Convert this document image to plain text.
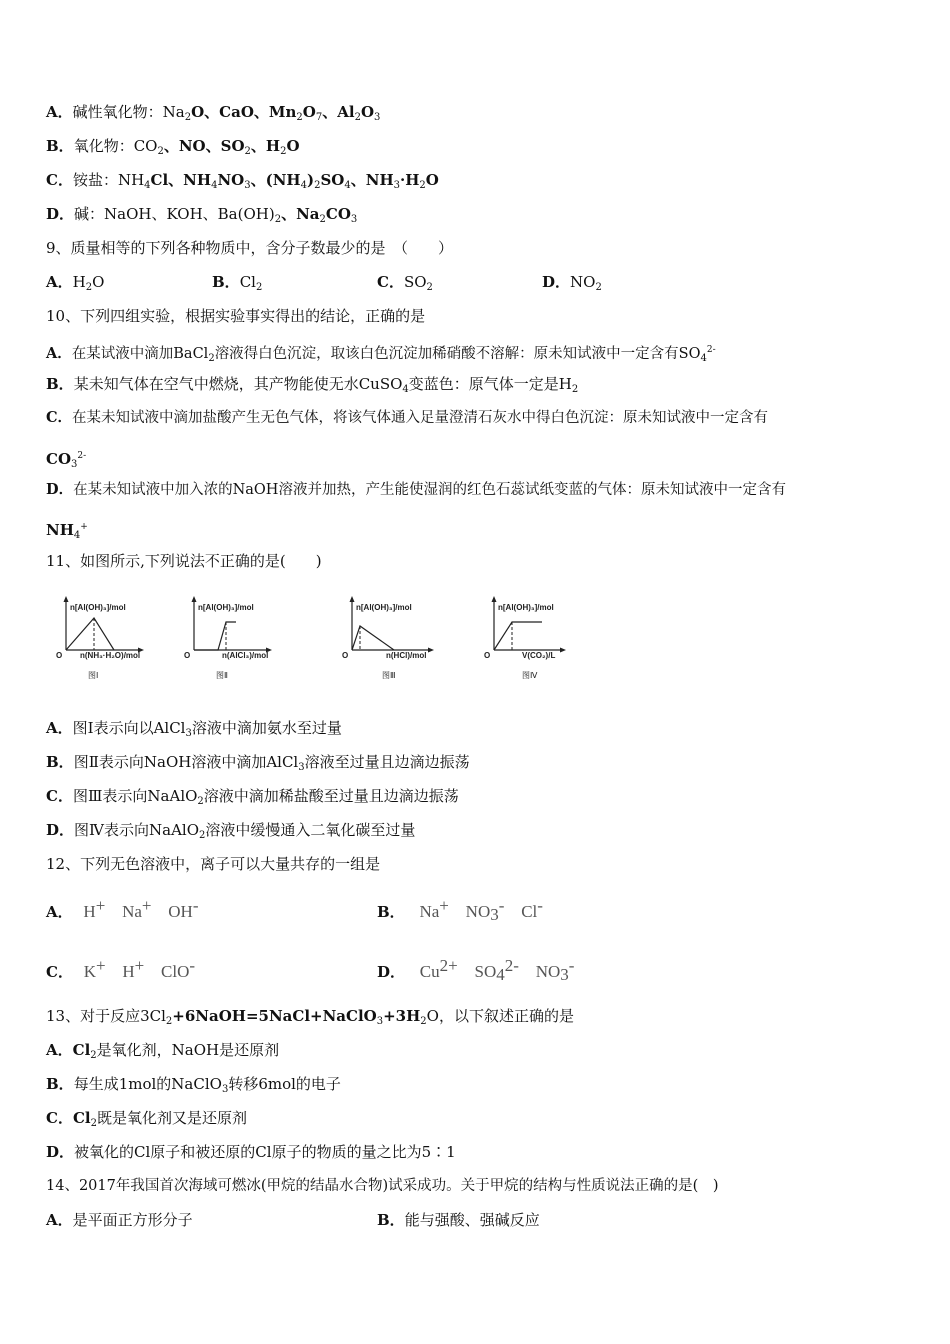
A．碱性氧化物：$Na_2O$、CaO、$Mn_2O_7$、$Al_2O_3$
B．氧化物：$CO_2$、NO、$SO_2$、$H_2O$
C．铵盐：$NH_4Cl$、$NH_4NO_3$、$(NH_4)_2SO_4$、$NH_3\cdot H_2O$
D．碱：NaOH、KOH、$Ba(OH)_2$、$Na_2CO_3$
9、质量相等的下列各种物质中，含分子数最少的是　（　　）
A．$H_2O$	B．$Cl_2$	C．$SO_2$	D．$NO_2$
10、下列四组实验，根据实验事实得出的结论，正确的是
A．在某试液中滴加BaCl$_2$溶液得白色沉淀，取该白色沉淀加稀硝酸不溶解：原未知试液中一定含有$SO_4^{2-}$
B．某未知气体在空气中燃烧，其产物能使无水CuSO$_4$变蓝色：原气体一定是$H_2$
C．在某未知试液中滴加盐酸产生无色气体，将该气体通入足量澄清石灰水中得白色沉淀：原未知试液中一定含有
$CO_3^{2-}$
D．在某未知试液中加入浓的NaOH溶液并加热，产生能使湿润的红色石蕊试纸变蓝的气体：原未知试液中一定含有
$NH_4^+$
11、如图所示,下列说法不正确的是(　　)
n[Al(OH)₃]/mol
O n(NH₃·H₂O)/mol
图Ⅰ
n[Al(OH)₃]/mol
O	n(AlCl₃)/mol
图Ⅱ
n[Al(OH)₃]/mol
O	n(HCl)/mol
图Ⅲ
n[Al(OH)₃]/mol
O	V(CO₂)/L
图Ⅳ
A．图Ⅰ表示向以AlCl$_3$溶液中滴加氨水至过量
B．图Ⅱ表示向NaOH溶液中滴加AlCl$_3$溶液至过量且边滴边振荡
C．图Ⅲ表示向NaAlO$_2$溶液中滴加稀盐酸至过量且边滴边振荡
D．图Ⅳ表示向NaAlO$_2$溶液中缓慢通入二氧化碳至过量
12、下列无色溶液中，离子可以大量共存的一组是
A． H+ Na+ OH-	B． Na+ NO3- Cl-
C． K+ H+ ClO-	D． Cu2+ SO42- NO3-
13、对于反应$3Cl_2+6NaOH=5NaCl+NaClO_3+3H_2O$，以下叙述正确的是
A．$Cl_2$是氧化剂，NaOH是还原剂
B．每生成1mol的NaClO$_3$转移6mol的电子
C．$Cl_2$既是氧化剂又是还原剂
D．被氧化的Cl原子和被还原的Cl原子的物质的量之比为5∶1
14、2017年我国首次海域可燃冰(甲烷的结晶水合物)试采成功。关于甲烷的结构与性质说法正确的是(　)
A．是平面正方形分子	B．能与强酸、强碱反应
